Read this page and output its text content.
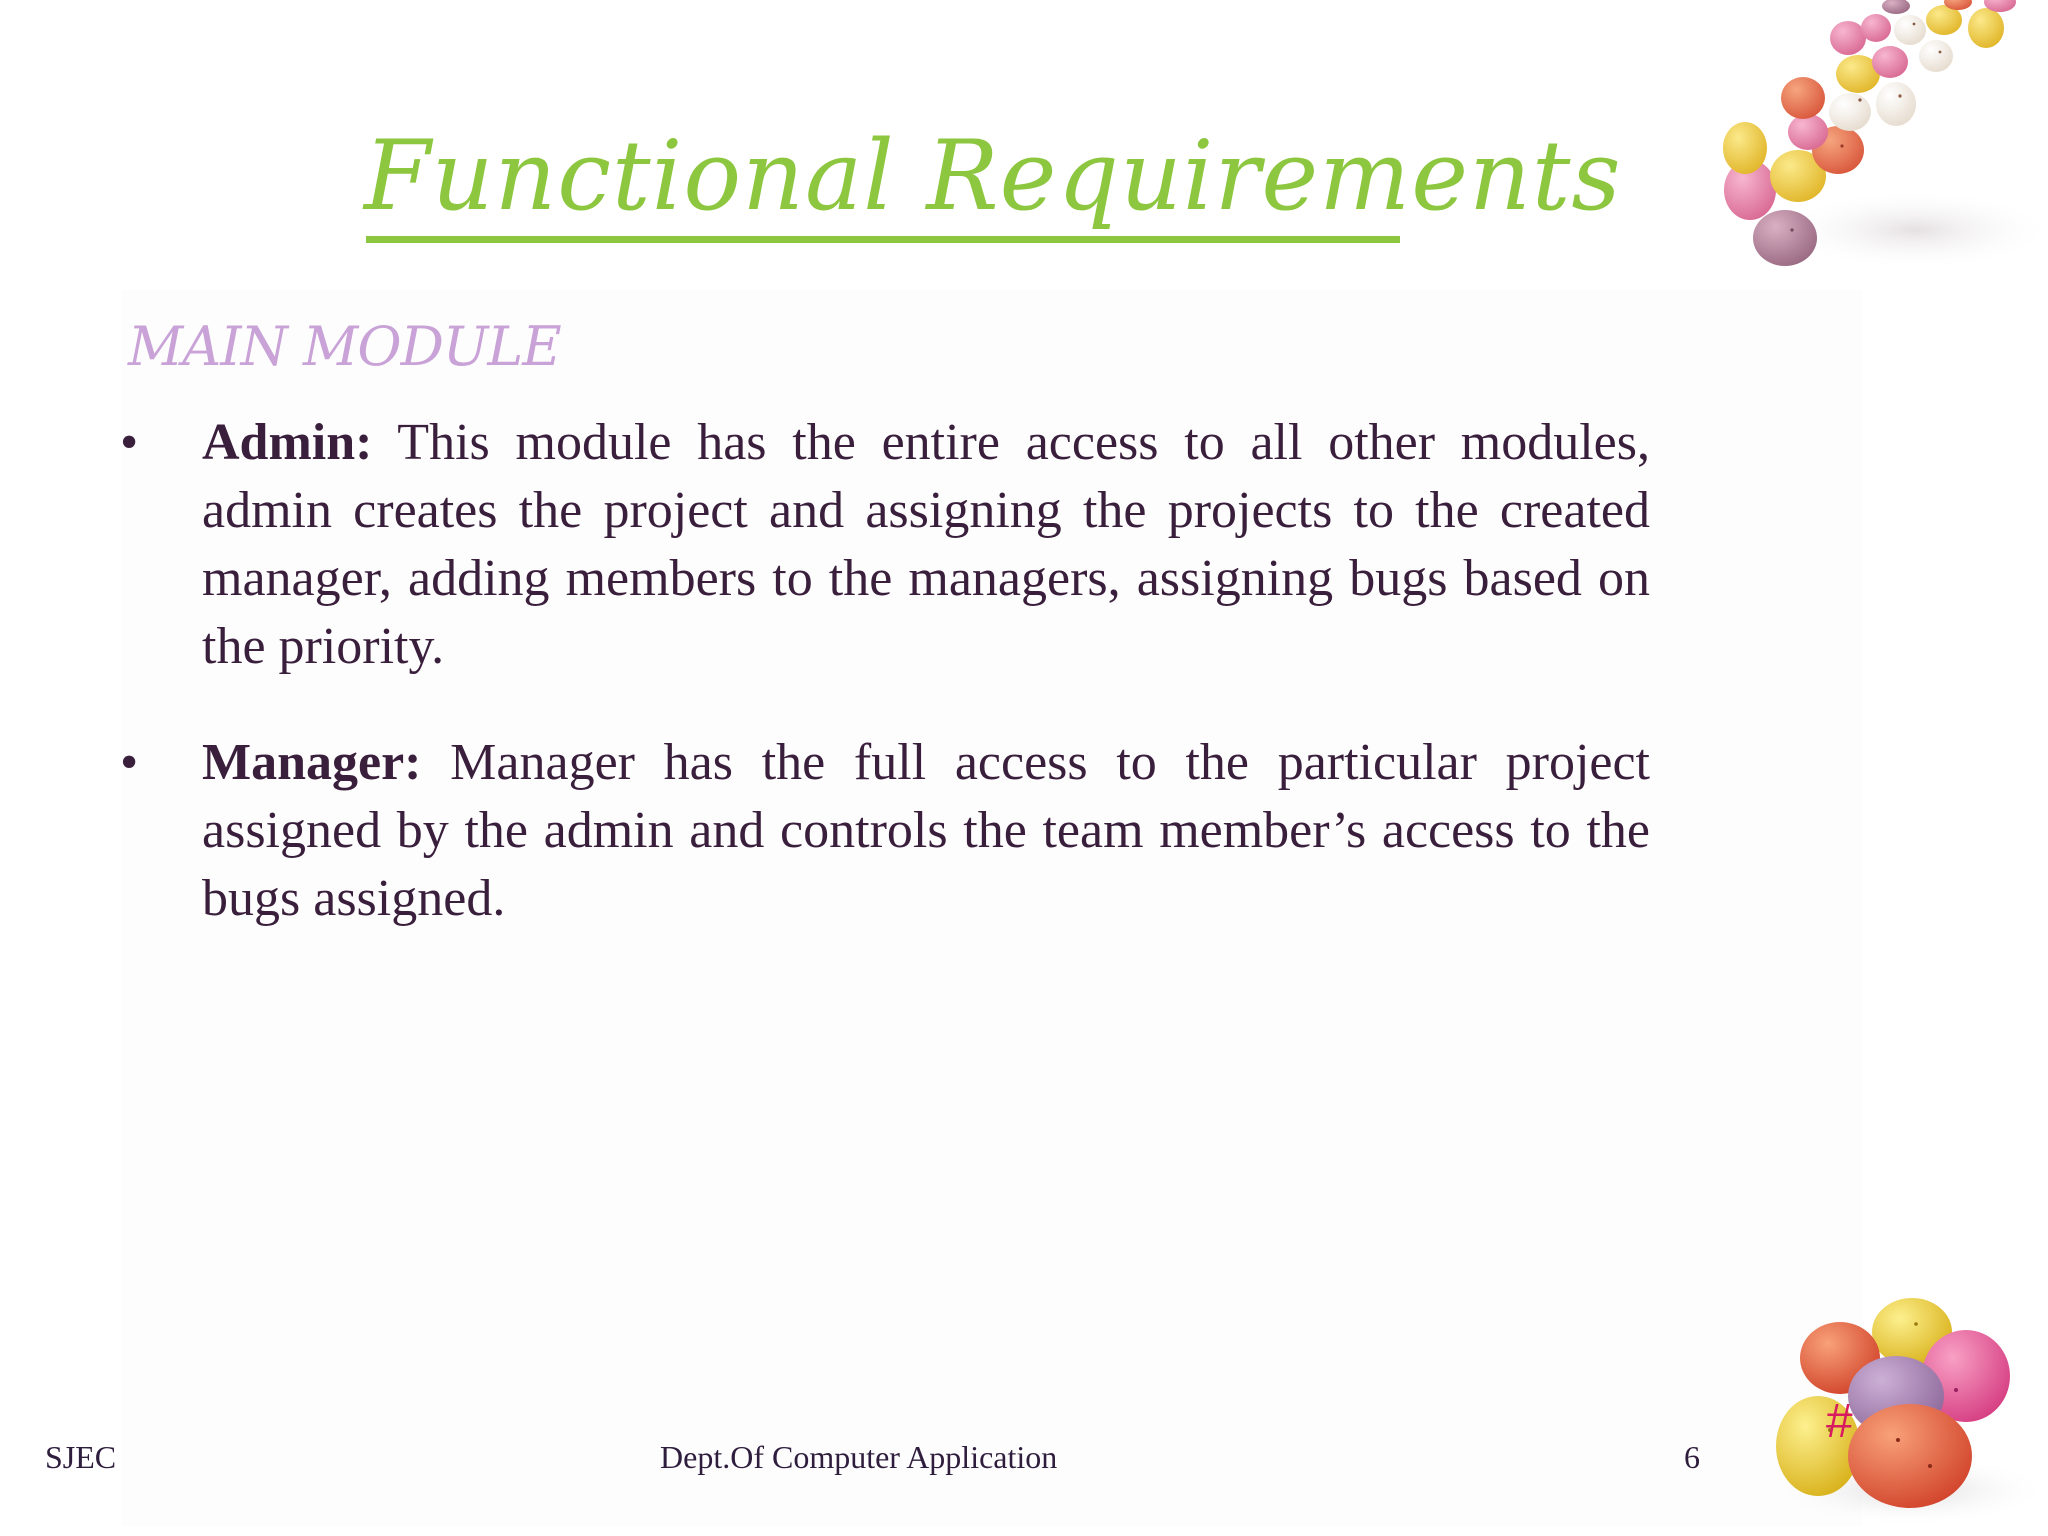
Functional Requirements
MAIN MODULE
• Admin: This module has the entire access to all other modules, admin creates the project and assigning the projects to the created manager, adding members to the managers, assigning bugs based on the priority.
• Manager: Manager has the full access to the particular project assigned by the admin and controls the team member’s access to the bugs assigned.
SJEC	Dept.Of Computer Application	6
#
